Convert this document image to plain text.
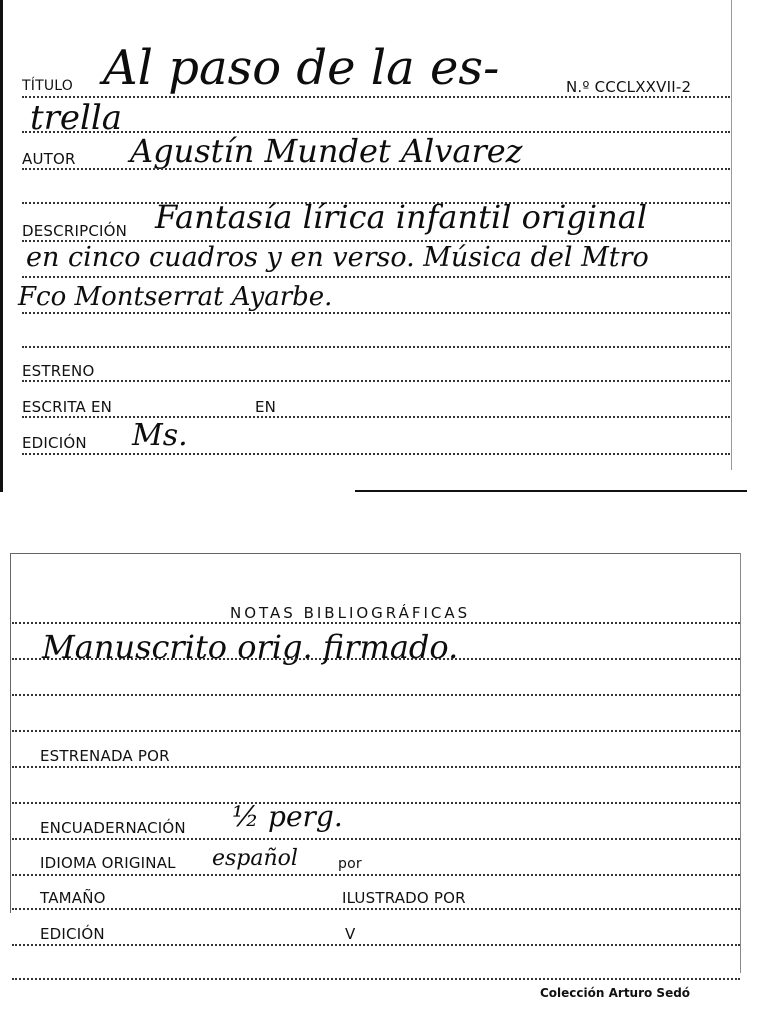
TÍTULO Al paso de la es-	N.º CCCLXXVII-2
trella
AUTOR Agustín Mundet Alvarez
DESCRIPCIÓN Fantasía lírica infantil original
en cinco cuadros y en verso. Música del Mtro
Fco Montserrat Ayarbe.
ESTRENO
ESCRITA EN	EN
EDICIÓN Ms.
NOTAS BIBLIOGRÁFICAS
Manuscrito orig. firmado.
ESTRENADA POR
ENCUADERNACIÓN ½ perg.
IDIOMA ORIGINAL español	por
TAMAÑO	ILUSTRADO POR
EDICIÓN	V
Colección Arturo Sedó
